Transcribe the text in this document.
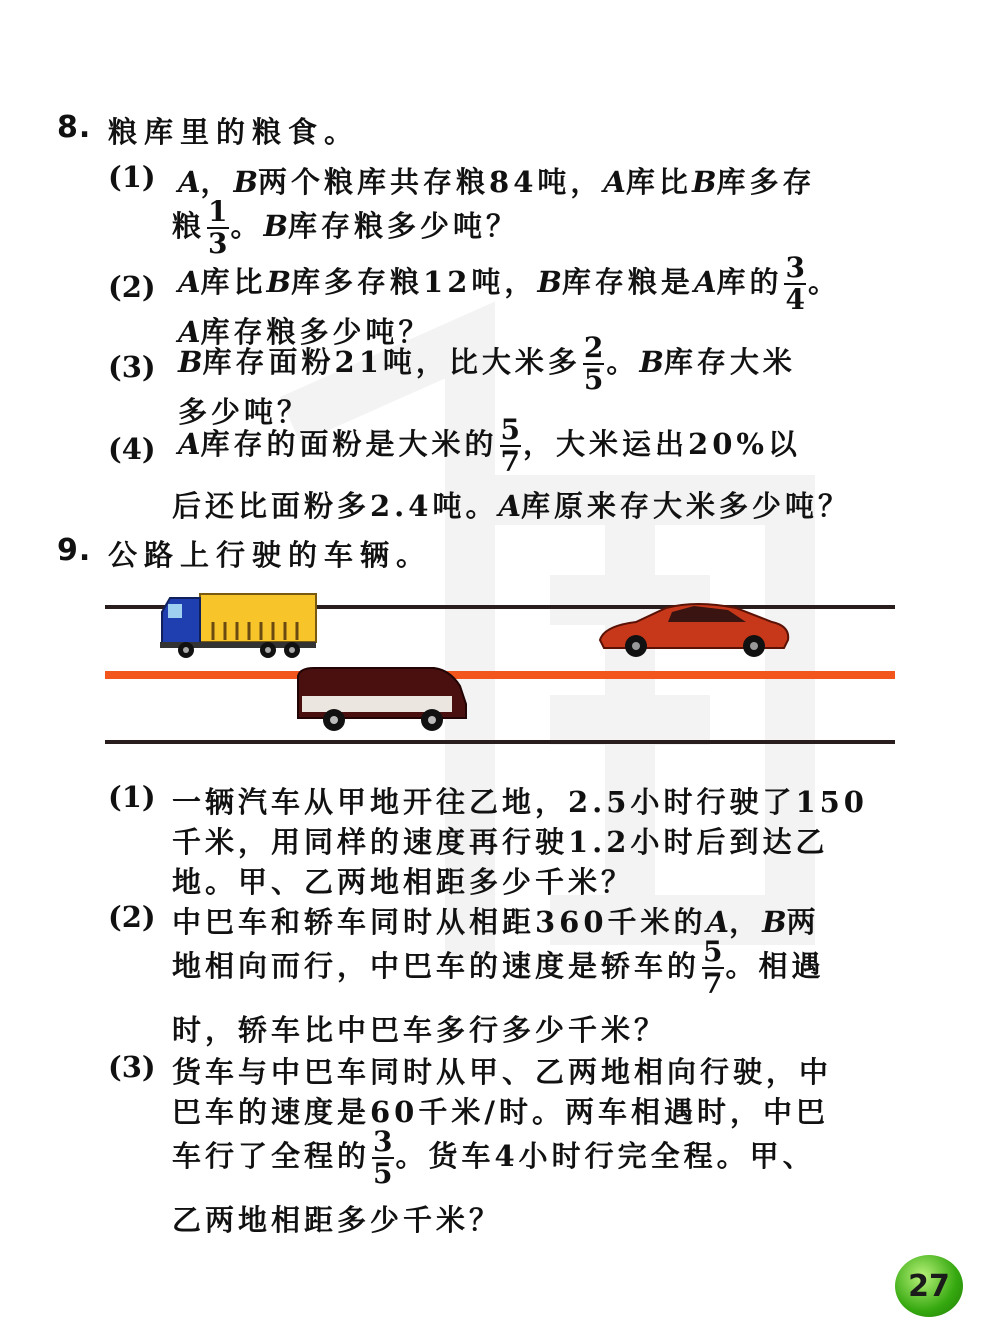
8. 粮库里的粮食。
(1) A，B两个粮库共存粮84吨，A库比B库多存
粮 $\frac{1}{3}$ 。B库存粮多少吨？
(2) A库比B库多存粮12吨，B库存粮是A库的 $\frac{3}{4}$ 。
A库存粮多少吨？
(3) B库存面粉21吨，比大米多 $\frac{2}{5}$ 。B库存大米
多少吨？
(4) A库存的面粉是大米的 $\frac{5}{7}$ ，大米运出20%以
后还比面粉多2.4吨。A库原来存大米多少吨？
9. 公路上行驶的车辆。
(1) 一辆汽车从甲地开往乙地，2.5小时行驶了150
千米，用同样的速度再行驶1.2小时后到达乙
地。甲、乙两地相距多少千米？
(2) 中巴车和轿车同时从相距360千米的A，B两
地相向而行，中巴车的速度是轿车的 $\frac{5}{7}$ 。相遇
时，轿车比中巴车多行多少千米？
(3) 货车与中巴车同时从甲、乙两地相向行驶，中
巴车的速度是60千米/时。两车相遇时，中巴
车行了全程的 $\frac{3}{5}$ 。货车4小时行完全程。甲、
乙两地相距多少千米？
27
